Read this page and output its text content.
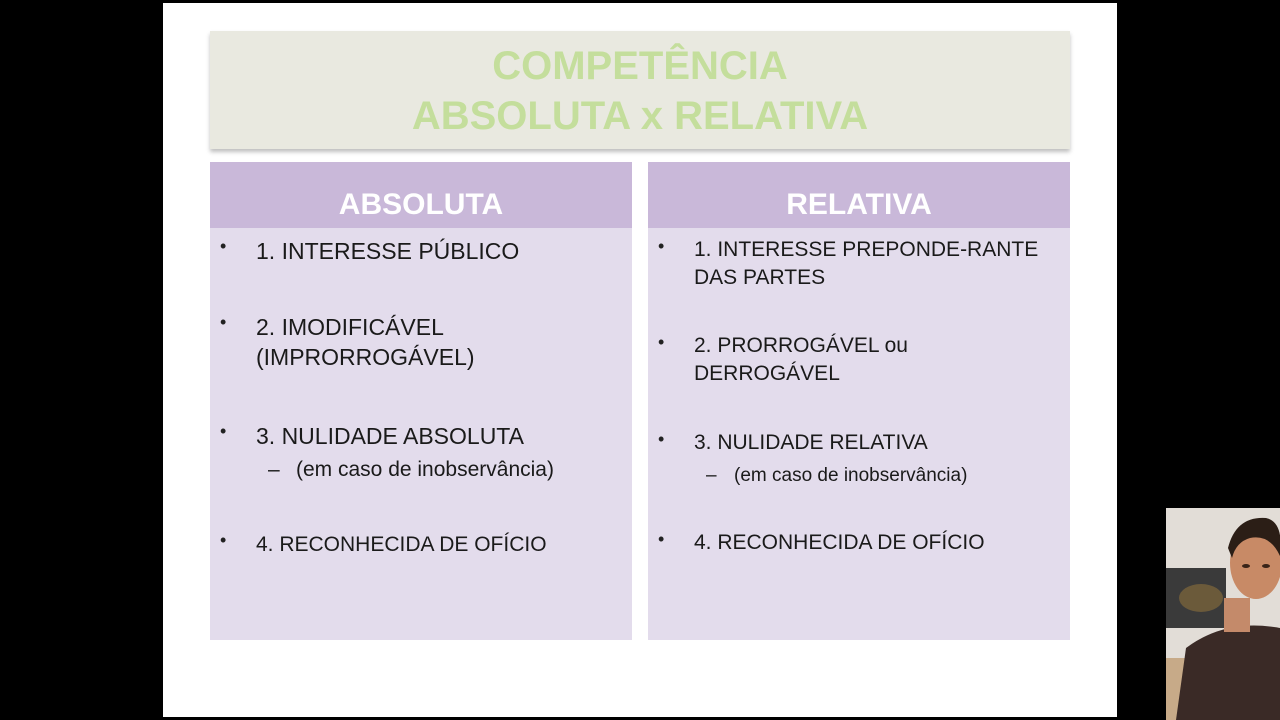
COMPETÊNCIA
ABSOLUTA x RELATIVA
ABSOLUTA
• 1. INTERESSE PÚBLICO
• 2. IMODIFICÁVEL
(IMPRORROGÁVEL)
• 3. NULIDADE ABSOLUTA
– (em caso de inobservância)
• 4. RECONHECIDA DE OFÍCIO
RELATIVA
• 1. INTERESSE PREPONDE-RANTE
DAS PARTES
• 2. PRORROGÁVEL ou
DERROGÁVEL
• 3. NULIDADE RELATIVA
– (em caso de inobservância)
• 4. RECONHECIDA DE OFÍCIO
